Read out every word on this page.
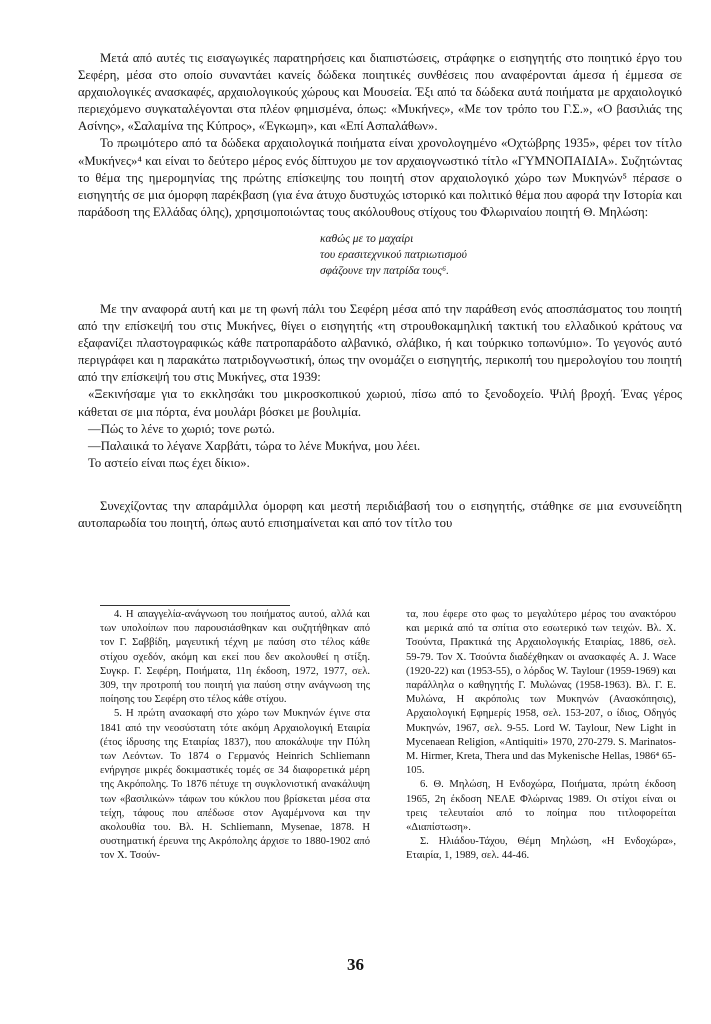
Μετά από αυτές τις εισαγωγικές παρατηρήσεις και διαπιστώσεις, στράφηκε ο εισηγητής στο ποιητικό έργο του Σεφέρη, μέσα στο οποίο συναντάει κανείς δώδεκα ποιητικές συνθέσεις που αναφέρονται άμεσα ή έμμεσα σε αρχαιολογικές ανασκαφές, αρχαιολογικούς χώρους και Μουσεία. Έξι από τα δώδεκα αυτά ποιήματα με αρχαιολογικό περιεχόμενο συγκαταλέγονται στα πλέον φημισμένα, όπως: «Μυκήνες», «Με τον τρόπο του Γ.Σ.», «Ο βασιλιάς της Ασίνης», «Σαλαμίνα της Κύπρος», «Έγκωμη», και «Επί Ασπαλάθων».

Το πρωιμότερο από τα δώδεκα αρχαιολογικά ποιήματα είναι χρονολογημένο «Οχτώβρης 1935», φέρει τον τίτλο «Μυκήνες»⁴ και είναι το δεύτερο μέρος ενός δίπτυχου με τον αρχαιογνωστικό τίτλο «ΓΥΜΝΟΠΑΙΔΙΑ». Συζητώντας το θέμα της ημερομηνίας της πρώτης επίσκεψης του ποιητή στον αρχαιολογικό χώρο των Μυκηνών⁵ πέρασε ο εισηγητής σε μια όμορφη παρέκβαση (για ένα άτυχο δυστυχώς ιστορικό και πολιτικό θέμα που αφορά την Ιστορία και παράδοση της Ελλάδας όλης), χρησιμοποιώντας τους ακόλουθους στίχους του Φλωριναίου ποιητή Θ. Μηλώση:

καθώς με το μαχαίρι
του ερασιτεχνικού πατριωτισμού
σφάζουνε την πατρίδα τους⁶.

Με την αναφορά αυτή και με τη φωνή πάλι του Σεφέρη μέσα από την παράθεση ενός αποσπάσματος του ποιητή από την επίσκεψή του στις Μυκήνες, θίγει ο εισηγητής «τη στρουθοκαμηλική τακτική του ελλαδικού κράτους να εξαφανίζει πλαστογραφικώς κάθε πατρoπαράδοτο αλβανικό, σλάβικο, ή και τούρκικο τοπωνύμιο». Το γεγονός αυτό περιγράφει και η παρακάτω πατριδογνωστική, όπως την ονομάζει ο εισηγητής, περικοπή του ημερολογίου του ποιητή από την επίσκεψή του στις Μυκήνες, στα 1939:

«Ξεκινήσαμε για το εκκλησάκι του μικροσκοπικού χωριού, πίσω από το ξενοδοχείο. Ψιλή βροχή. Ένας γέρος κάθεται σε μια πόρτα, ένα μουλάρι βόσκει με βουλιμία.

—Πώς το λένε το χωριό; τονε ρωτώ.

—Παλαιικά το λέγανε Χαρβάτι, τώρα το λένε Μυκήνα, μου λέει.

Το αστείο είναι πως έχει δίκιο».

Συνεχίζοντας την απαράμιλλα όμορφη και μεστή περιδιάβασή του ο εισηγητής, στάθηκε σε μια ενσυνείδητη αυτοπαρωδία του ποιητή, όπως αυτό επισημαίνεται και από τον τίτλο του

4. Η απαγγελία-ανάγνωση του ποιήματος αυτού, αλλά και των υπολοίπων που παρουσιάσθηκαν και συζητήθηκαν από τον Γ. Σαββίδη, μαγευτική τέχνη με παύση στο τέλος κάθε στίχου σχεδόν, ακόμη και εκεί που δεν ακολουθεί η στίξη. Συγκρ. Γ. Σεφέρη, Ποιήματα, 11η έκδοση, 1972, 1977, σελ. 309, την προτροπή του ποιητή για παύση στην ανάγνωση της ποίησης του Σεφέρη στο τέλος κάθε στίχου.

5. Η πρώτη ανασκαφή στο χώρο των Μυκηνών έγινε στα 1841 από την νεοσύστατη τότε ακόμη Αρχαιολογική Εταιρία (έτος ίδρυσης της Εταιρίας 1837), που αποκάλυψε την Πύλη των Λεόντων. Το 1874 ο Γερμανός Heinrich Schliemann ενήργησε μικρές δοκιμαστικές τομές σε 34 διαφορετικά μέρη της Ακρόπολης. Το 1876 πέτυχε τη συγκλονιστική ανακάλυψη των «βασιλικών» τάφων του κύκλου που βρίσκεται μέσα στα τείχη, τάφους που απέδωσε στον Αγαμέμνονα και την ακολουθία του. Βλ. H. Schliemann, Mysenae, 1878. Η συστηματική έρευνα της Ακρόπολης άρχισε το 1880-1902 από τον Χ. Τσούν-

τα, που έφερε στο φως το μεγαλύτερο μέρος του ανακτόρου και μερικά από τα σπίτια στο εσωτερικό των τειχών. Βλ. Χ. Τσούντα, Πρακτικά της Αρχαιολογικής Εταιρίας, 1886, σελ. 59-79. Τον Χ. Τσούντα διαδέχθηκαν οι ανασκαφές A. J. Wace (1920-22) και (1953-55), ο λόρδος W. Taylour (1959-1969) και παράλληλα ο καθηγητής Γ. Μυλώνας (1958-1963). Βλ. Γ. Ε. Μυλώνα, Η ακρόπολις των Μυκηνών (Ανασκόπησις), Αρχαιολογική Εφημερίς 1958, σελ. 153-207, ο ίδιος, Οδηγός Μυκηνών, 1967, σελ. 9-55. Lord W. Taylour, New Light in Mycenaean Religion, «Antiquiti» 1970, 270-279. S. Marinatos-M. Hirmer, Kreta, Thera und das Mykenische Hellas, 1986⁴ 65-105.

6. Θ. Μηλώση, Η Ενδοχώρα, Ποιήματα, πρώτη έκδοση 1965, 2η έκδοση ΝΕΛΕ Φλώρινας 1989. Οι στίχοι είναι οι τρεις τελευταίοι από το ποίημα που τιτλοφορείται «Διαπίστωση».

Σ. Ηλιάδου-Τάχου, Θέμη Μηλώση, «Η Ενδοχώρα», Εταιρία, 1, 1989, σελ. 44-46.

36
